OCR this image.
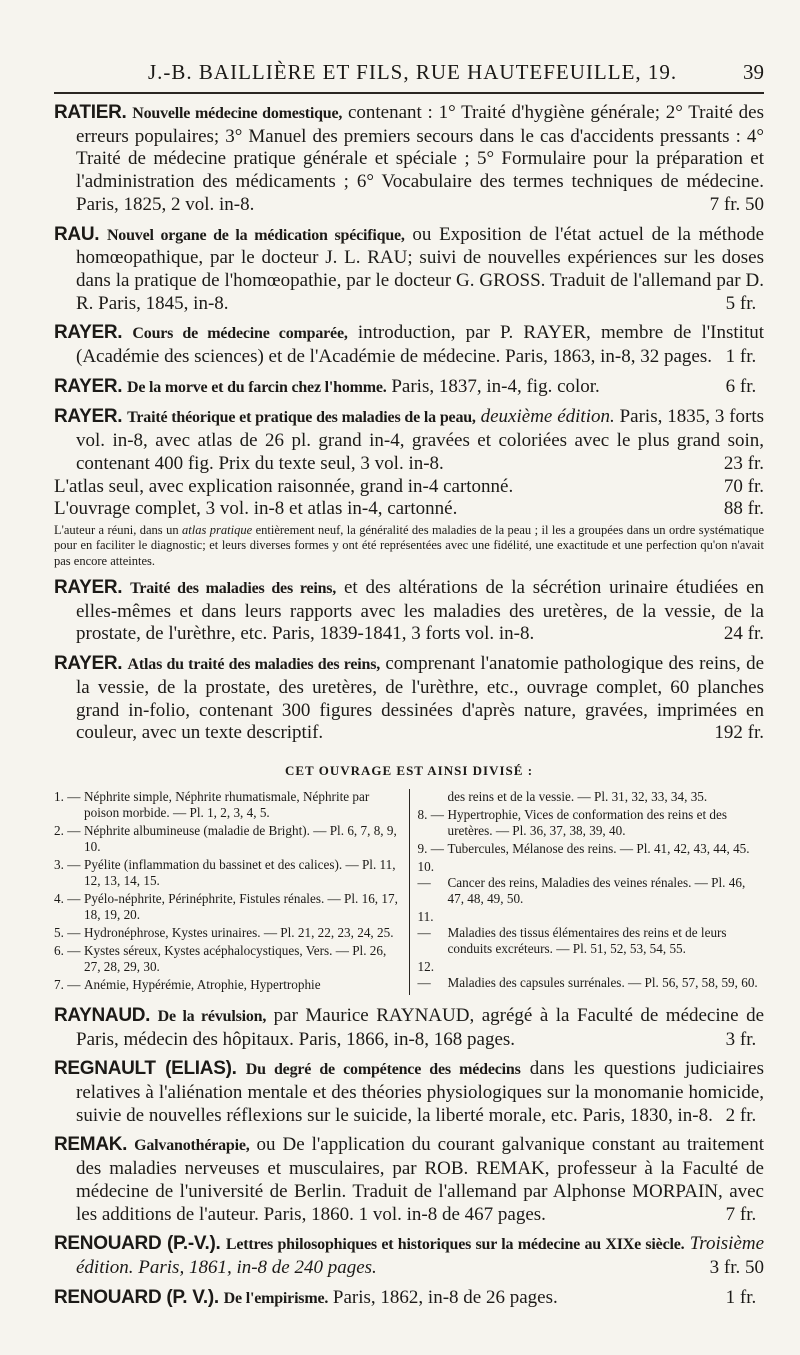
J.-B. BAILLIÈRE ET FILS, RUE HAUTEFEUILLE, 19.	39
RATIER. Nouvelle médecine domestique, contenant : 1° Traité d'hygiène générale; 2° Traité des erreurs populaires; 3° Manuel des premiers secours dans le cas d'accidents pressants : 4° Traité de médecine pratique générale et spéciale ; 5° Formulaire pour la préparation et l'administration des médicaments ; 6° Vocabulaire des termes techniques de médecine. Paris, 1825, 2 vol. in-8.	7 fr. 50
RAU. Nouvel organe de la médication spécifique, ou Exposition de l'état actuel de la méthode homœopathique, par le docteur J. L. RAU; suivi de nouvelles expériences sur les doses dans la pratique de l'homœopathie, par le docteur G. GROSS. Traduit de l'allemand par D. R. Paris, 1845, in-8.	5 fr.
RAYER. Cours de médecine comparée, introduction, par P. RAYER, membre de l'Institut (Académie des sciences) et de l'Académie de médecine. Paris, 1863, in-8, 32 pages. 1 fr.
RAYER. De la morve et du farcin chez l'homme. Paris, 1837, in-4, fig. color.	6 fr.
RAYER. Traité théorique et pratique des maladies de la peau, deuxième édition. Paris, 1835, 3 forts vol. in-8, avec atlas de 26 pl. grand in-4, gravées et coloriées avec le plus grand soin, contenant 400 fig. Prix du texte seul, 3 vol. in-8.	23 fr.

L'atlas seul, avec explication raisonnée, grand in-4 cartonné.	70 fr.

L'ouvrage complet, 3 vol. in-8 et atlas in-4, cartonné.	88 fr.

L'auteur a réuni, dans un atlas pratique entièrement neuf, la généralité des maladies de la peau ; il les a groupées dans un ordre systématique pour en faciliter le diagnostic; et leurs diverses formes y ont été représentées avec une fidélité, une exactitude et une perfection qu'on n'avait pas encore atteintes.

RAYER. Traité des maladies des reins, et des altérations de la sécrétion urinaire étudiées en elles-mêmes et dans leurs rapports avec les maladies des uretères, de la vessie, de la prostate, de l'urèthre, etc. Paris, 1839-1841, 3 forts vol. in-8.	24 fr.
RAYER. Atlas du traité des maladies des reins, comprenant l'anatomie pathologique des reins, de la vessie, de la prostate, des uretères, de l'urèthre, etc., ouvrage complet, 60 planches grand in-folio, contenant 300 figures dessinées d'après nature, gravées, imprimées en couleur, avec un texte descriptif.	192 fr.
CET OUVRAGE EST AINSI DIVISÉ :
1. — Néphrite simple, Néphrite rhumatismale, Néphrite par poison morbide. — Pl. 1, 2, 3, 4, 5.
2. — Néphrite albumineuse (maladie de Bright). — Pl. 6, 7, 8, 9, 10.
3. — Pyélite (inflammation du bassinet et des calices). — Pl. 11, 12, 13, 14, 15.
4. — Pyélo-néphrite, Périnéphrite, Fistules rénales. — Pl. 16, 17, 18, 19, 20.
5. — Hydronéphrose, Kystes urinaires. — Pl. 21, 22, 23, 24, 25.
6. — Kystes séreux, Kystes acéphalocystiques, Vers. — Pl. 26, 27, 28, 29, 30.
7. — Anémie, Hypérémie, Atrophie, Hypertrophie
des reins et de la vessie. — Pl. 31, 32, 33, 34, 35.
8. — Hypertrophie, Vices de conformation des reins et des uretères. — Pl. 36, 37, 38, 39, 40.
9. — Tubercules, Mélanose des reins. — Pl. 41, 42, 43, 44, 45.
10. — Cancer des reins, Maladies des veines rénales. — Pl. 46, 47, 48, 49, 50.
11. — Maladies des tissus élémentaires des reins et de leurs conduits excréteurs. — Pl. 51, 52, 53, 54, 55.
12. — Maladies des capsules surrénales. — Pl. 56, 57, 58, 59, 60.
RAYNAUD. De la révulsion, par Maurice RAYNAUD, agrégé à la Faculté de médecine de Paris, médecin des hôpitaux. Paris, 1866, in-8, 168 pages.	3 fr.
REGNAULT (ELIAS). Du degré de compétence des médecins dans les questions judiciaires relatives à l'aliénation mentale et des théories physiologiques sur la monomanie homicide, suivie de nouvelles réflexions sur le suicide, la liberté morale, etc. Paris, 1830, in-8. 2 fr.
REMAK. Galvanothérapie, ou De l'application du courant galvanique constant au traitement des maladies nerveuses et musculaires, par ROB. REMAK, professeur à la Faculté de médecine de l'université de Berlin. Traduit de l'allemand par Alphonse MORPAIN, avec les additions de l'auteur. Paris, 1860. 1 vol. in-8 de 467 pages.	7 fr.
RENOUARD (P.-V.). Lettres philosophiques et historiques sur la médecine au XIXe siècle. Troisième édition. Paris, 1861, in-8 de 240 pages.	3 fr. 50
RENOUARD (P. V.). De l'empirisme. Paris, 1862, in-8 de 26 pages.	1 fr.
